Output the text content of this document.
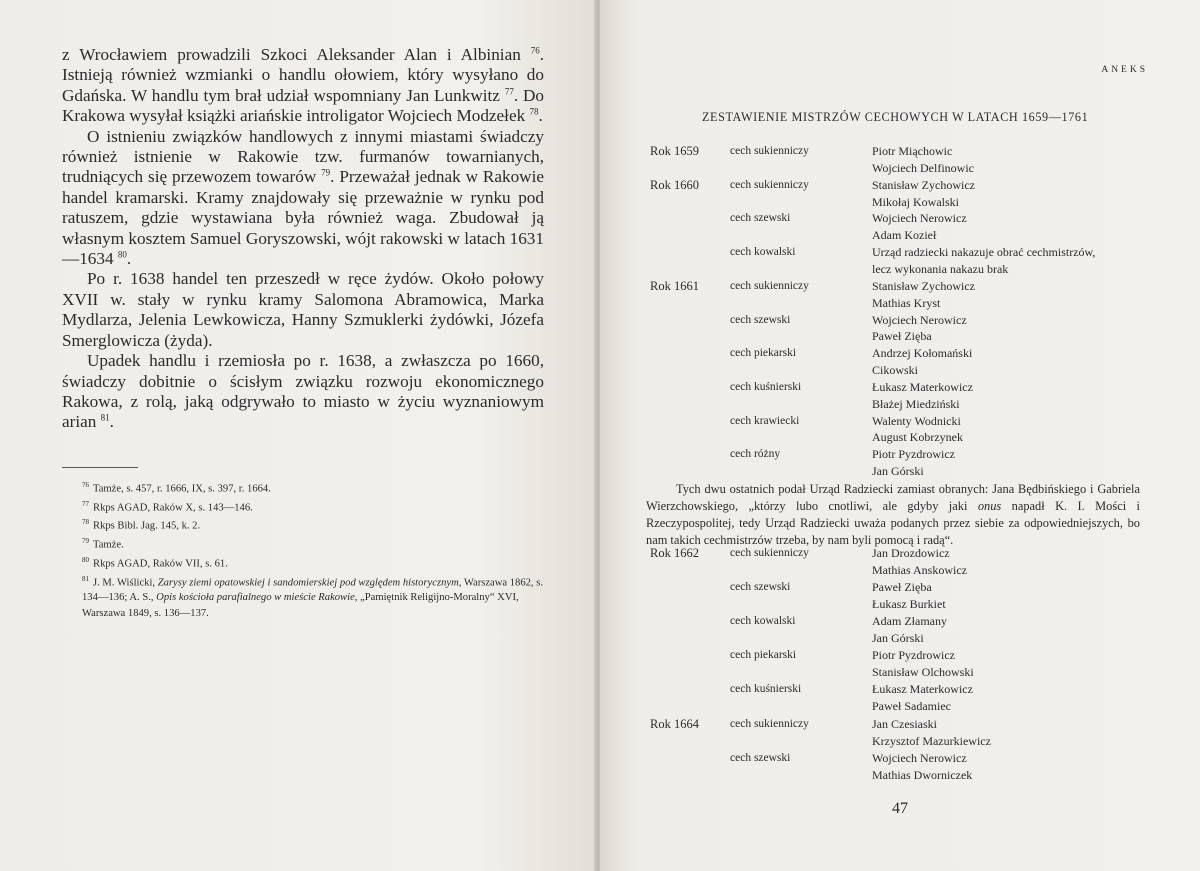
z Wrocławiem prowadzili Szkoci Aleksander Alan i Albinian $^{76}$. Istnieją również wzmianki o handlu ołowiem, który wysyłano do Gdańska. W handlu tym brał udział wspomniany Jan Lunkwitz $^{77}$. Do Krakowa wysyłał książki ariańskie introligator Wojciech Modzełek $^{78}$.

O istnieniu związków handlowych z innymi miastami świadczy również istnienie w Rakowie tzw. furmanów towarnianych, trudniących się przewozem towarów $^{79}$. Przeważał jednak w Rakowie handel kramarski. Kramy znajdowały się przeważnie w rynku pod ratuszem, gdzie wystawiana była również waga. Zbudował ją własnym kosztem Samuel Goryszowski, wójt rakowski w latach 1631—1634 $^{80}$.

Po r. 1638 handel ten przeszedł w ręce żydów. Około połowy XVII w. stały w rynku kramy Salomona Abramowica, Marka Mydlarza, Jelenia Lewkowicza, Hanny Szmuklerki żydówki, Józefa Smerglowicza (żyda).

Upadek handlu i rzemiosła po r. 1638, a zwłaszcza po 1660, świadczy dobitnie o ścisłym związku rozwoju ekonomicznego Rakowa, z rolą, jaką odgrywało to miasto w życiu wyznaniowym arian $^{81}$.

$^{76}$ Tamże, s. 457, r. 1666, IX, s. 397, r. 1664.
$^{77}$ Rkps AGAD, Raków X, s. 143—146.
$^{78}$ Rkps Bibl. Jag. 145, k. 2.
$^{79}$ Tamże.
$^{80}$ Rkps AGAD, Raków VII, s. 61.
$^{81}$ J. M. Wiślicki, Zarysy ziemi opatowskiej i sandomierskiej pod względem historycznym, Warszawa 1862, s. 134—136; A. S., Opis kościoła parafialnego w mieście Rakowie, „Pamiętnik Religijno-Moralny“ XVI, Warszawa 1849, s. 136—137.
ANEKS
ZESTAWIENIE MISTRZÓW CECHOWYCH W LATACH 1659—1761
Rok 1659	cech sukienniczy	Piotr Miąchowic
Wojciech Delfinowic
Rok 1660	cech sukienniczy	Stanisław Zychowicz
Mikołaj Kowalski
cech szewski	Wojciech Nerowicz
Adam Kozieł
cech kowalski	Urząd radziecki nakazuje obrać cechmistrzów,
lecz wykonania nakazu brak
Rok 1661	cech sukienniczy	Stanisław Zychowicz
Mathias Kryst
cech szewski	Wojciech Nerowicz
Paweł Zięba
cech piekarski	Andrzej Kołomański
Cikowski
cech kuśnierski	Łukasz Materkowicz
Błażej Miedziński
cech krawiecki	Walenty Wodnicki
August Kobrzynek
cech różny	Piotr Pyzdrowicz
Jan Górski

Tych dwu ostatnich podał Urząd Radziecki zamiast obranych: Jana Będbińskiego i Gabriela Wierzchowskiego, „którzy lubo cnotliwi, ale gdyby jaki onus napadł K. I. Mości i Rzeczypospolitej, tedy Urząd Radziecki uważa podanych przez siebie za odpowiedniejszych, bo nam takich cechmistrzów trzeba, by nam byli pomocą i radą“.

Rok 1662	cech sukienniczy	Jan Drozdowicz
Mathias Anskowicz
cech szewski	Paweł Zięba
Łukasz Burkiet
cech kowalski	Adam Złamany
Jan Górski
cech piekarski	Piotr Pyzdrowicz
Stanisław Olchowski
cech kuśnierski	Łukasz Materkowicz
Paweł Sadamiec
Rok 1664	cech sukienniczy	Jan Czesiaski
Krzysztof Mazurkiewicz
cech szewski	Wojciech Nerowicz
Mathias Dworniczek
47
